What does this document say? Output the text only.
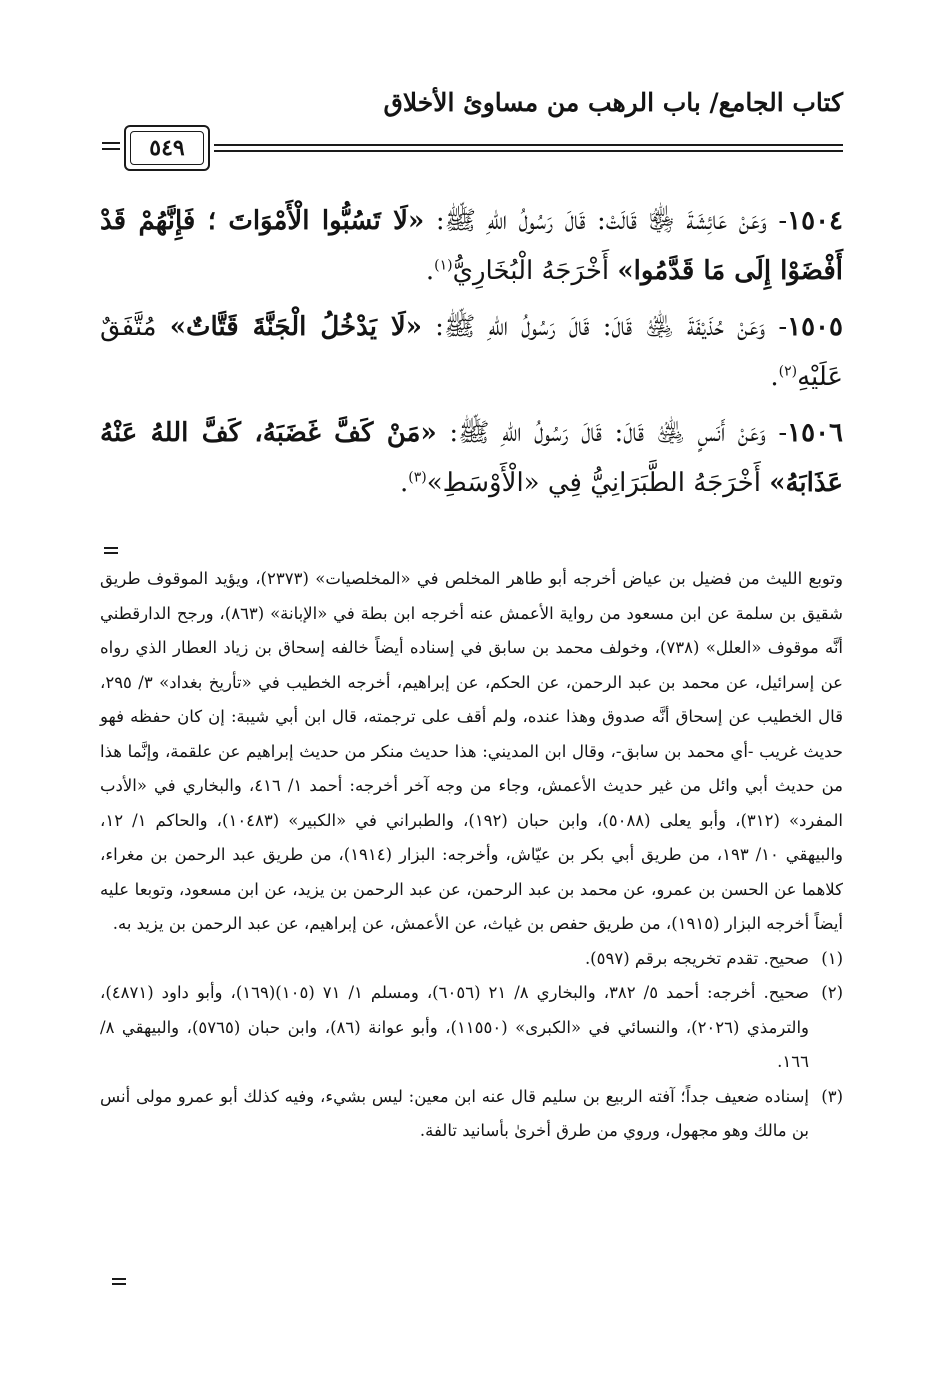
كتاب الجامع/ باب الرهب من مساوئ الأخلاق
٥٤٩

١٥٠٤- وَعَنْ عَائِشَةَ ﵂ قَالَتْ: قَالَ رَسُولُ اللهِ ﷺ: «لَا تَسُبُّوا الْأَمْوَاتَ ؛ فَإِنَّهُمْ قَدْ أَفْضَوْا إِلَى مَا قَدَّمُوا» أَخْرَجَهُ الْبُخَارِيُّ$^{(١)}$.

١٥٠٥- وَعَنْ حُذَيْفَةَ ﵁ قَالَ: قَالَ رَسُولُ اللهِ ﷺ: «لَا يَدْخُلُ الْجَنَّةَ قَتَّاتٌ» مُتَّفَقٌ عَلَيْهِ$^{(٢)}$.

١٥٠٦- وَعَنْ أَنَسٍ ﵁ قَالَ: قَالَ رَسُولُ اللهِ ﷺ: «مَنْ كَفَّ غَضَبَهُ، كَفَّ اللهُ عَنْهُ عَذَابَهُ» أَخْرَجَهُ الطَّبَرَانِيُّ فِي «الْأَوْسَطِ»$^{(٣)}$.

وتوبع الليث من فضيل بن عياض أخرجه أبو طاهر المخلص في «المخلصيات» (٢٣٧٣)، ويؤيد الموقوف طريق شقيق بن سلمة عن ابن مسعود من رواية الأعمش عنه أخرجه ابن بطة في «الإبانة» (٨٦٣)، ورجح الدارقطني أنَّه موقوف «العلل» (٧٣٨)، وخولف محمد بن سابق في إسناده أيضاً خالفه إسحاق بن زياد العطار الذي رواه عن إسرائيل، عن محمد بن عبد الرحمن، عن الحكم، عن إبراهيم، أخرجه الخطيب في «تأريخ بغداد» ٣/ ٢٩٥، قال الخطيب عن إسحاق أنَّه صدوق وهذا عنده، ولم أقف على ترجمته، قال ابن أبي شيبة: إن كان حفظه فهو حديث غريب -أي محمد بن سابق-، وقال ابن المديني: هذا حديث منكر من حديث إبراهيم عن علقمة، وإنَّما هذا من حديث أبي وائل من غير حديث الأعمش، وجاء من وجه آخر أخرجه: أحمد ١/ ٤١٦، والبخاري في «الأدب المفرد» (٣١٢)، وأبو يعلى (٥٠٨٨)، وابن حبان (١٩٢)، والطبراني في «الكبير» (١٠٤٨٣)، والحاكم ١/ ١٢، والبيهقي ١٠/ ١٩٣، من طريق أبي بكر بن عيّاش، وأخرجه: البزار (١٩١٤)، من طريق عبد الرحمن بن مغراء، كلاهما عن الحسن بن عمرو، عن محمد بن عبد الرحمن، عن عبد الرحمن بن يزيد، عن ابن مسعود، وتوبعا عليه أيضاً أخرجه البزار (١٩١٥)، من طريق حفص بن غياث، عن الأعمش، عن إبراهيم، عن عبد الرحمن بن يزيد به.

(١)صحيح. تقدم تخريجه برقم (٥٩٧).

(٢)صحيح. أخرجه: أحمد ٥/ ٣٨٢، والبخاري ٨/ ٢١ (٦٠٥٦)، ومسلم ١/ ٧١ (١٠٥)(١٦٩)، وأبو داود (٤٨٧١)، والترمذي (٢٠٢٦)، والنسائي في «الكبرى» (١١٥٥٠)، وأبو عوانة (٨٦)، وابن حبان (٥٧٦٥)، والبيهقي ٨/ ١٦٦.

(٣)إسناده ضعيف جداً؛ آفته الربيع بن سليم قال عنه ابن معين: ليس بشيء، وفيه كذلك أبو عمرو مولى أنس بن مالك وهو مجهول، وروي من طرق أخرىٰ بأسانيد تالفة.
